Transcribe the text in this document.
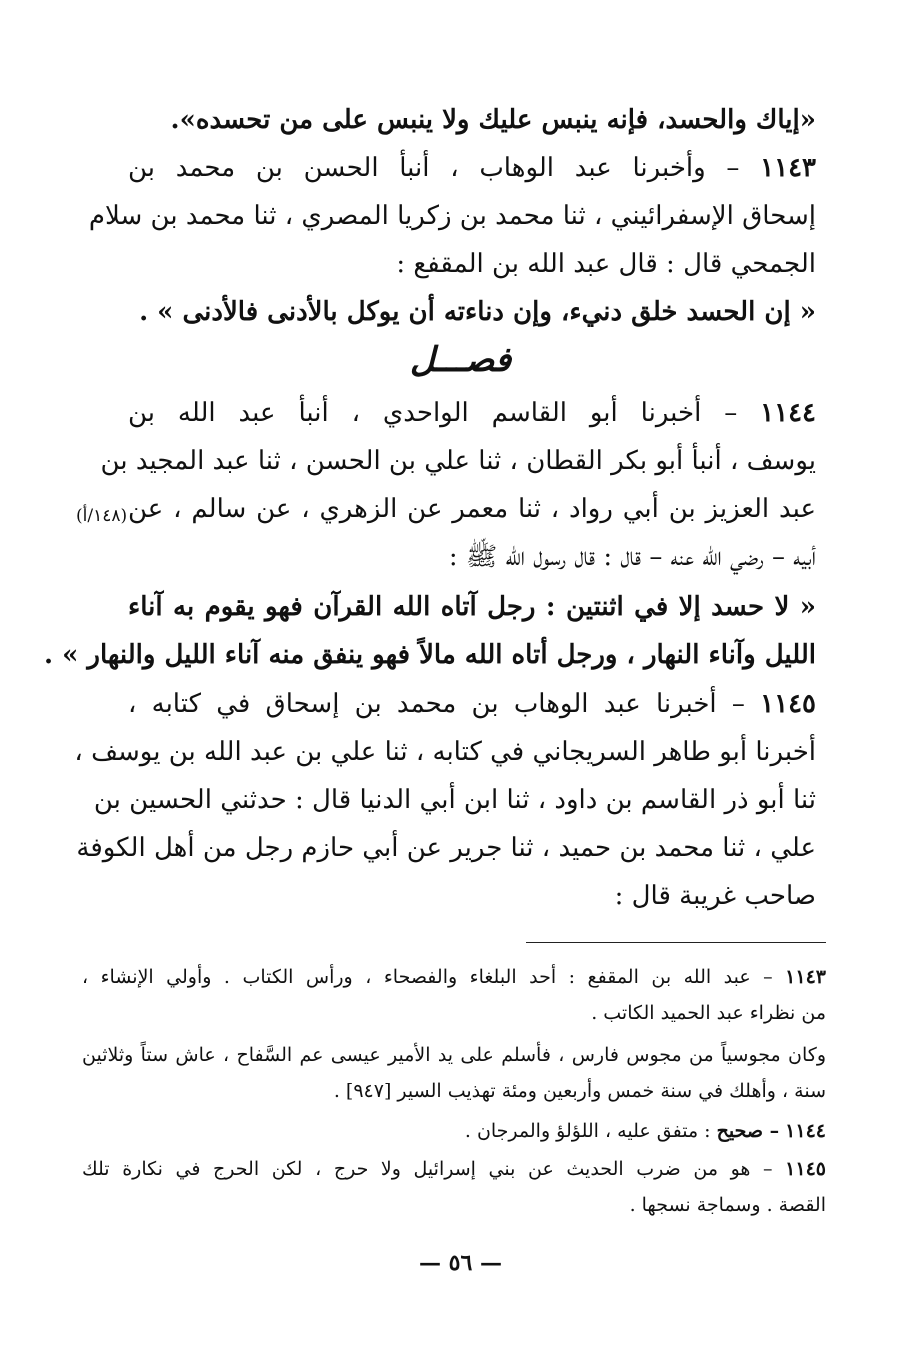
«إياك والحسد، فإنه ينبس عليك ولا ينبس على من تحسده».
١١٤٣ – وأخبرنا عبد الوهاب ، أنبأ الحسن بن محمد بن
إسحاق الإسفرائيني ، ثنا محمد بن زكريا المصري ، ثنا محمد بن سلام
الجمحي قال : قال عبد الله بن المقفع :
« إن الحسد خلق دنيء، وإن دناءته أن يوكل بالأدنى فالأدنى » .
فصـــل
١١٤٤ – أخبرنا أبو القاسم الواحدي ، أنبأ عبد الله بن
يوسف ، أنبأ أبو بكر القطان ، ثنا علي بن الحسن ، ثنا عبد المجيد بن
عبد العزيز بن أبي رواد ، ثنا معمر عن الزهري ، عن سالم ، عن
(١٤٨/أ)
أبيه – رضي الله عنه – قال : قال رسول الله ﷺ :
« لا حسد إلا في اثنتين : رجل آتاه الله القرآن فهو يقوم به آناء
الليل وآناء النهار ، ورجل أتاه الله مالاً فهو ينفق منه آناء الليل والنهار » .
١١٤٥ – أخبرنا عبد الوهاب بن محمد بن إسحاق في كتابه ،
أخبرنا أبو طاهر السريجاني في كتابه ، ثنا علي بن عبد الله بن يوسف ،
ثنا أبو ذر القاسم بن داود ، ثنا ابن أبي الدنيا قال : حدثني الحسين بن
علي ، ثنا محمد بن حميد ، ثنا جرير عن أبي حازم رجل من أهل الكوفة
صاحب غريبة قال :
١١٤٣ – عبد الله بن المقفع : أحد البلغاء والفصحاء ، ورأس الكتاب . وأولي الإنشاء ،
من نظراء عبد الحميد الكاتب .
وكان مجوسياً من مجوس فارس ، فأسلم على يد الأمير عيسى عم السَّفاح ، عاش ستاً وثلاثين
سنة ، وأهلك في سنة خمس وأربعين ومئة تهذيب السير [٩٤٧] .
١١٤٤ – صحيح : متفق عليه ، اللؤلؤ والمرجان .
١١٤٥ – هو من ضرب الحديث عن بني إسرائيل ولا حرج ، لكن الحرج في نكارة تلك
القصة . وسماجة نسجها .
— ٥٦ —
